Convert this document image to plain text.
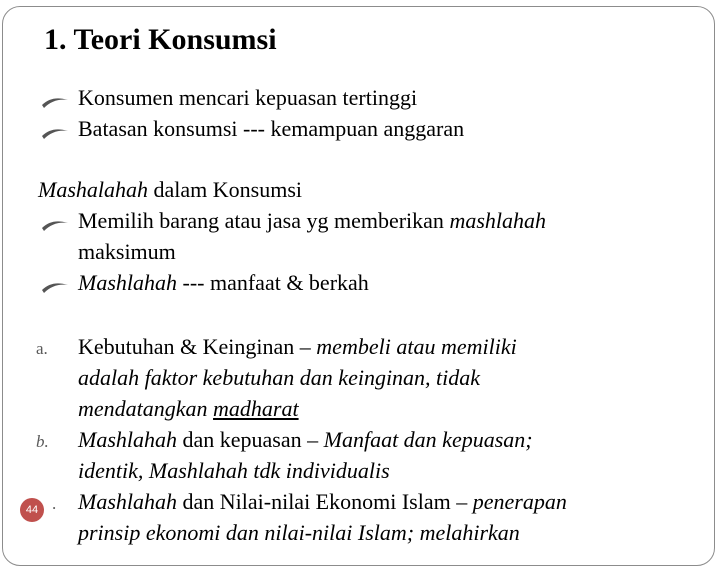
1. Teori Konsumsi
Konsumen mencari kepuasan tertinggi
Batasan konsumsi --- kemampuan anggaran
Mashalahah dalam Konsumsi
Memilih barang atau jasa yg memberikan mashlahah
maksimum
Mashlahah --- manfaat & berkah
a. Kebutuhan & Keinginan – membeli atau memiliki
adalah faktor kebutuhan dan keinginan, tidak
mendatangkan madharat
b. Mashlahah dan kepuasan – Manfaat dan kepuasan;
identik, Mashlahah tdk individualis
. Mashlahah dan Nilai-nilai Ekonomi Islam – penerapan
prinsip ekonomi dan nilai-nilai Islam; melahirkan
44
